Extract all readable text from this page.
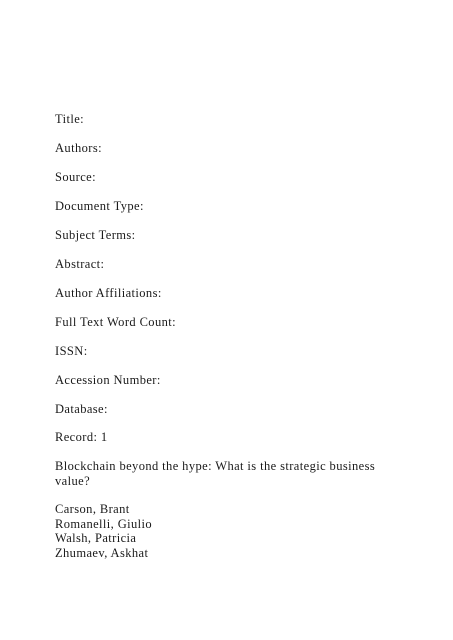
Title:
Authors:
Source:
Document Type:
Subject Terms:
Abstract:
Author Affiliations:
Full Text Word Count:
ISSN:
Accession Number:
Database:
Record: 1
Blockchain beyond the hype: What is the strategic business value?
Carson, Brant
Romanelli, Giulio
Walsh, Patricia
Zhumaev, Askhat
